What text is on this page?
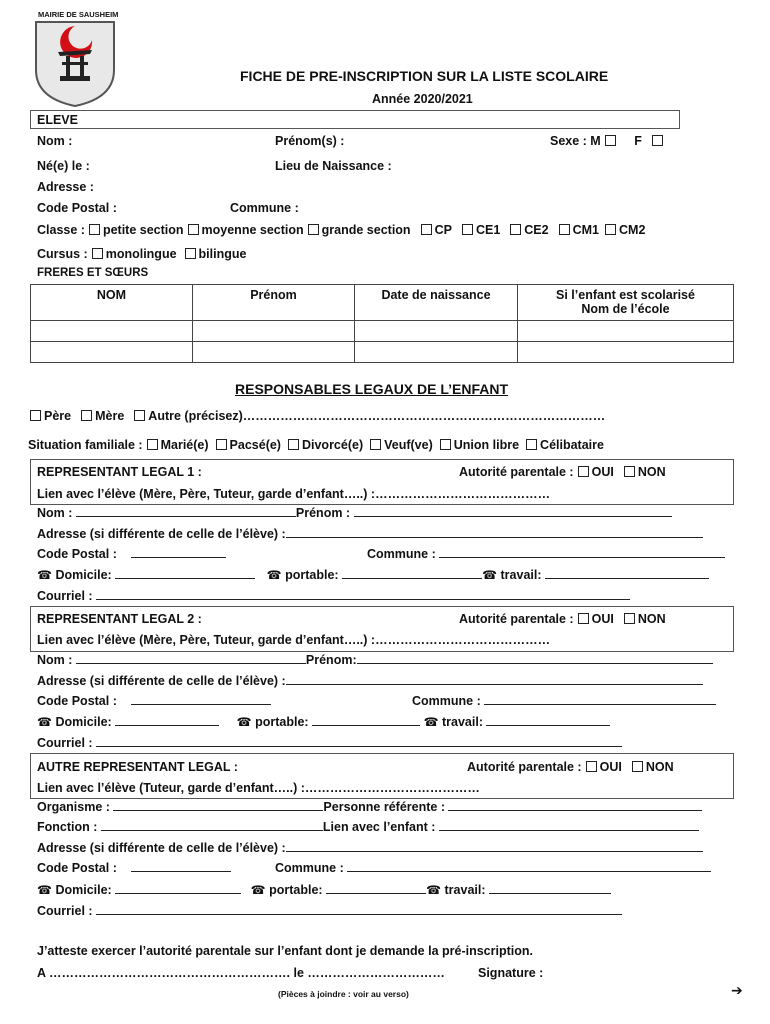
MAIRIE DE SAUSHEIM
FICHE DE PRE-INSCRIPTION SUR LA LISTE SCOLAIRE
Année 2020/2021
ELEVE
Nom :	Prénom(s) :	Sexe : M	F
Né(e) le :	Lieu de Naissance :
Adresse :
Code Postal :	Commune :
Classe : petite section moyenne section grande section CP CE1 CE2 CM1 CM2
Cursus : monolingue bilingue
FRERES ET SŒURS
NOM	Prénom	Date de naissance	Si l’enfant est scolarisé
Nom de l’école

RESPONSABLES LEGAUX DE L’ENFANT
Père Mère Autre (précisez)……………………………………………………………………………
Situation familiale : Marié(e) Pacsé(e) Divorcé(e) Veuf(ve) Union libre Célibataire
REPRESENTANT LEGAL 1 :	Autorité parentale : OUI NON
Lien avec l’élève (Mère, Père, Tuteur, garde d’enfant…..) :……………………………………
Nom :	Prénom :
Adresse (si différente de celle de l’élève) :
Code Postal :	Commune :
☎ Domicile:	☎ portable:	☎ travail:
Courriel :
REPRESENTANT LEGAL 2 :	Autorité parentale : OUI NON
Lien avec l’élève (Mère, Père, Tuteur, garde d’enfant…..) :……………………………………
Nom :	Prénom:
Adresse (si différente de celle de l’élève) :
Code Postal :	Commune :
☎ Domicile:	☎ portable:	☎ travail:
Courriel :
AUTRE REPRESENTANT LEGAL :	Autorité parentale : OUI NON
Lien avec l’élève (Tuteur, garde d’enfant…..) :……………………………………
Organisme :	Personne référente :
Fonction :	Lien avec l’enfant :
Adresse (si différente de celle de l’élève) :
Code Postal :	Commune :
☎ Domicile:	☎ portable:	☎ travail:
Courriel :
J’atteste exercer l’autorité parentale sur l’enfant dont je demande la pré-inscription.
A …………………………………………………. le ……………………………	Signature :
(Pièces à joindre : voir au verso)	➔
